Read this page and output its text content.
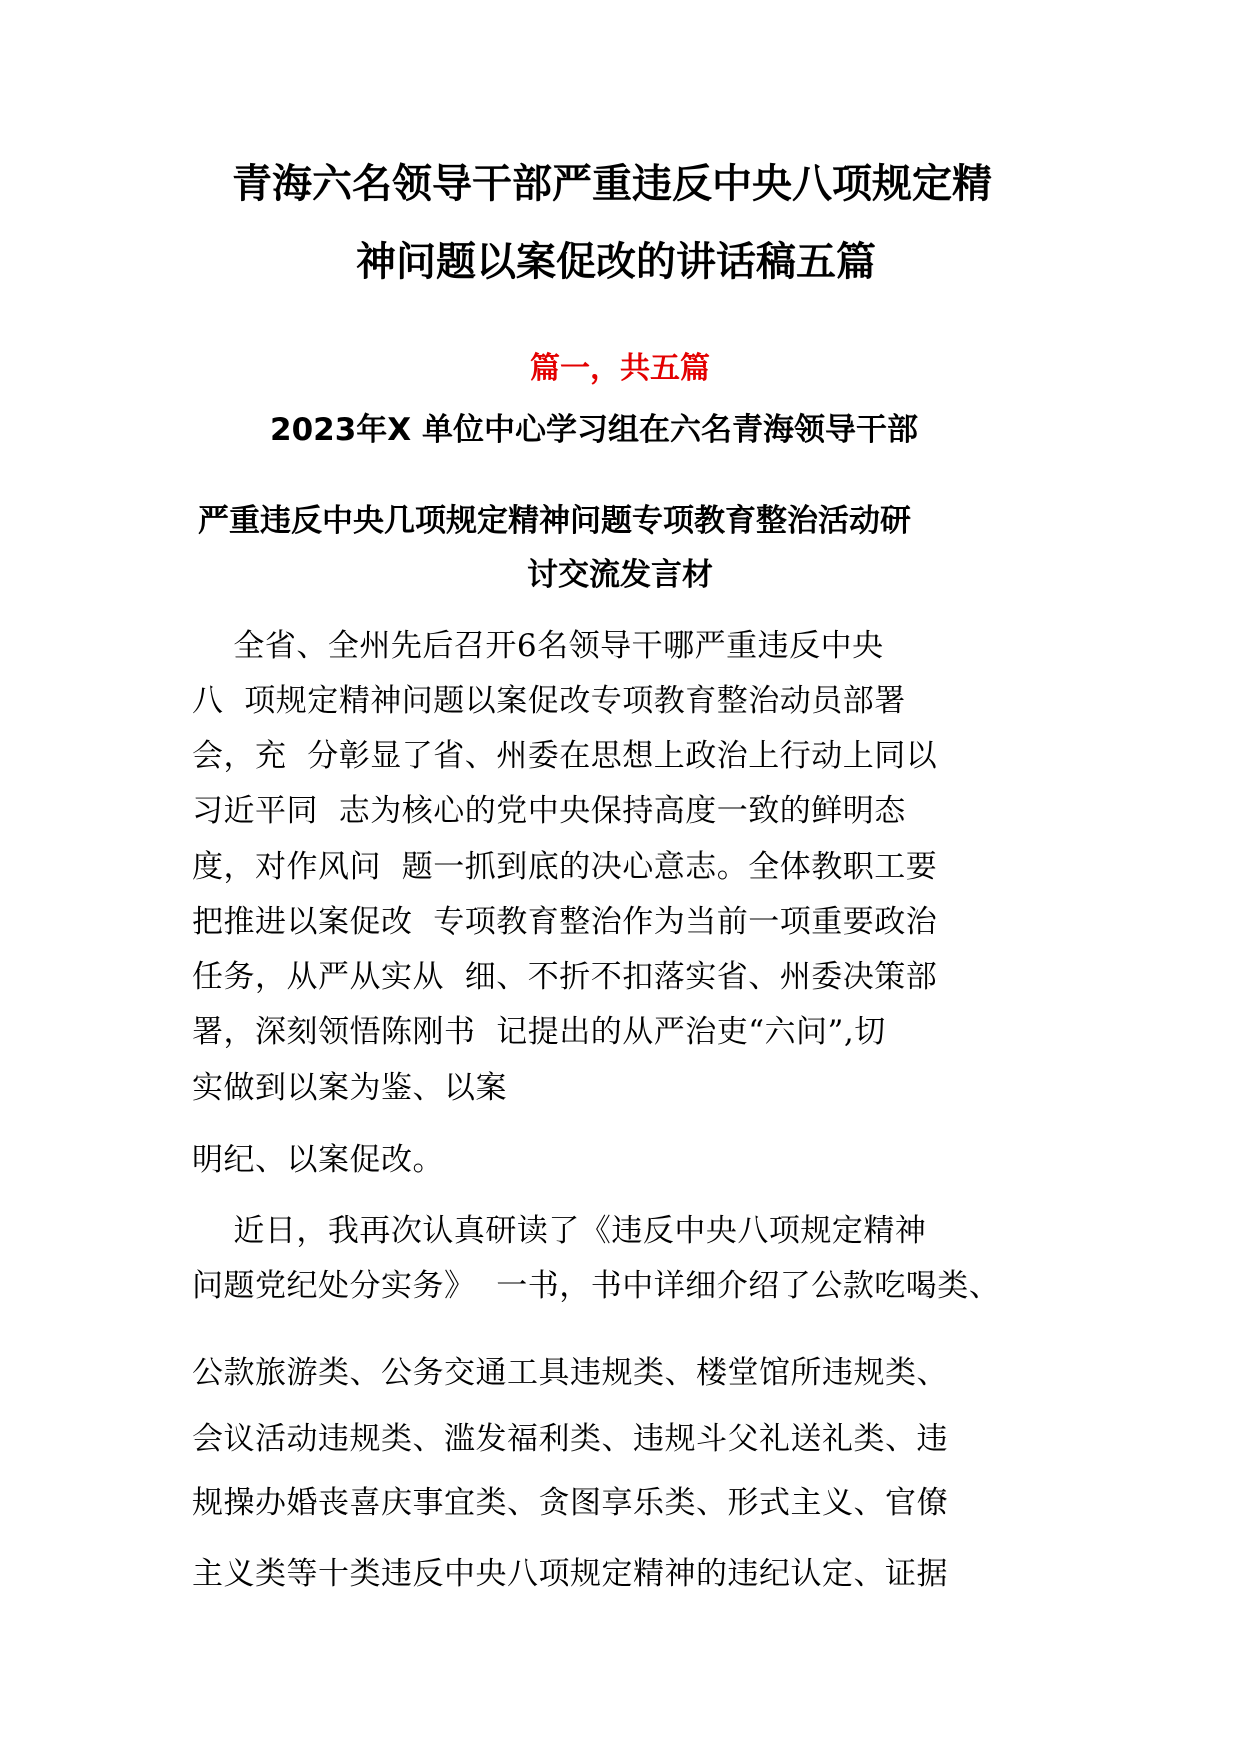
青海六名领导干部严重违反中央八项规定精
神问题以案促改的讲话稿五篇
篇一，共五篇
2023年X 单位中心学习组在六名青海领导干部
严重违反中央几项规定精神问题专项教育整治活动研
讨交流发言材
全省、全州先后召开6名领导干哪严重违反中央
八  项规定精神问题以案促改专项教育整治动员部署
会，充  分彰显了省、州委在思想上政治上行动上同以
习近平同  志为核心的党中央保持高度一致的鲜明态
度，对作风问  题一抓到底的决心意志。全体教职工要
把推进以案促改  专项教育整治作为当前一项重要政治
任务，从严从实从  细、不折不扣落实省、州委决策部
署，深刻领悟陈刚书  记提出的从严治吏“六问”,切
实做到以案为鉴、以案
明纪、以案促改。
近日，我再次认真研读了《违反中央八项规定精神
问题党纪处分实务》  一书，书中详细介绍了公款吃喝类、
公款旅游类、公务交通工具违规类、楼堂馆所违规类、
会议活动违规类、滥发福利类、违规斗父礼送礼类、违
规操办婚丧喜庆事宜类、贪图享乐类、形式主义、官僚
主义类等十类违反中央八项规定精神的违纪认定、证据
